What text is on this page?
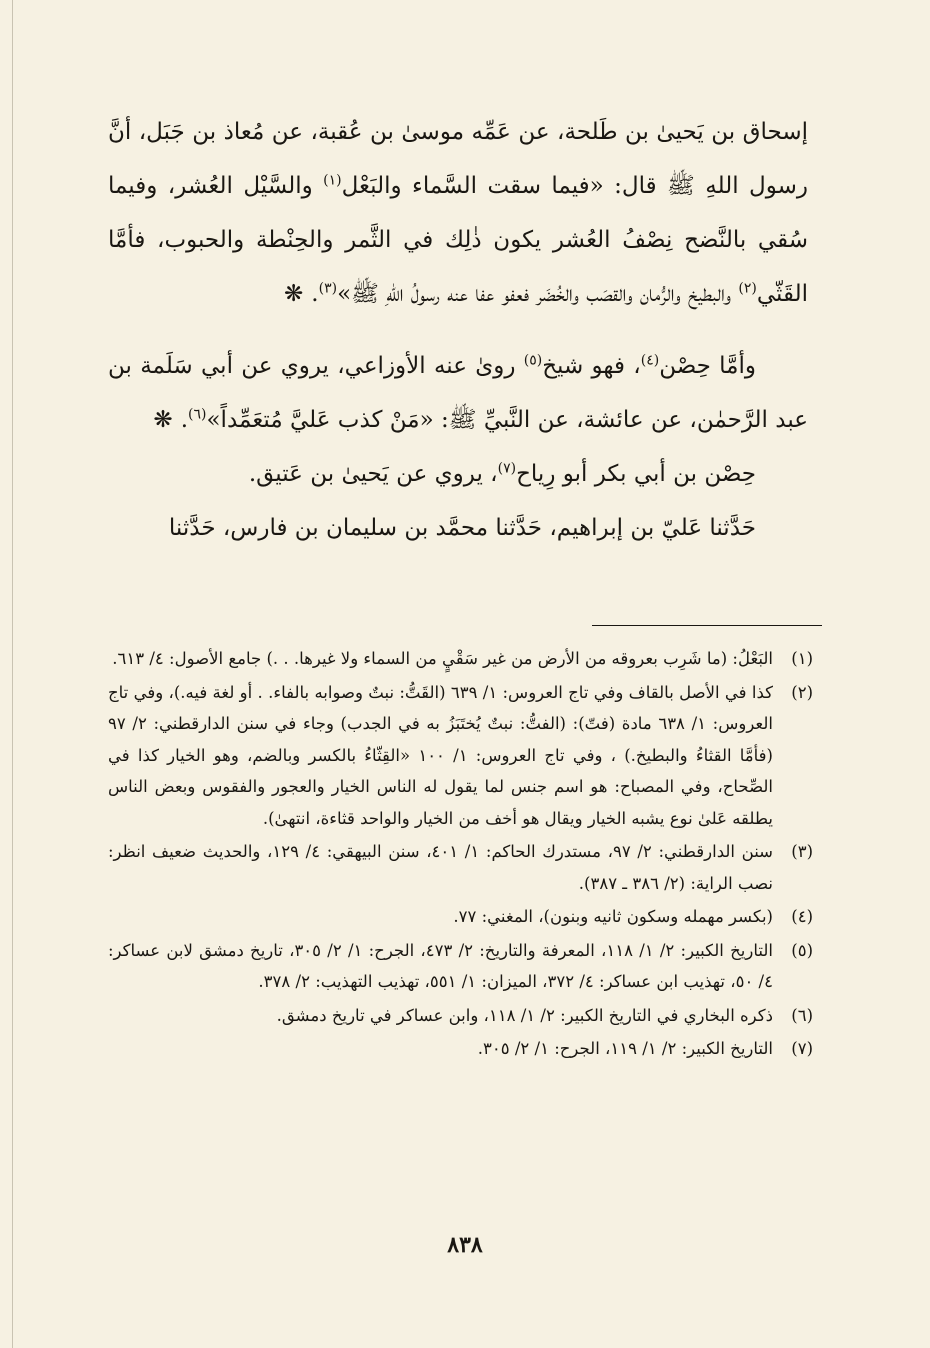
إسحاق بن يَحيىٰ بن طَلحة، عن عَمِّه موسىٰ بن عُقبة، عن مُعاذ بن جَبَل، أنَّ رسول اللهِ ﷺ قال: «فيما سقت السَّماء والبَعْل$^{(١)}$ والسَّيْل العُشر، وفيما سُقي بالنَّضح نِصْفُ العُشر يكون ذٰلِك في الثَّمر والحِنْطة والحبوب، فأمَّا القَثّي$^{(٢)}$ والبطيخ والرُّمان والقصَب والخُضَر فعفو عفا عنه رسولُ اللهِ ﷺ»$^{(٣)}$.❋

وأمَّا حِصْن$^{(٤)}$، فهو شيخ$^{(٥)}$ رویٰ عنه الأوزاعي، يروي عن أبي سَلَمة بن عبد الرَّحمٰن، عن عائشة، عن النَّبيِّ ﷺ: «مَنْ كذب عَليَّ مُتعَمِّداً»$^{(٦)}$.❋

حِصْن بن أبي بكر أبو رِياح$^{(٧)}$، يروي عن يَحيىٰ بن عَتيق.

حَدَّثنا عَليّ بن إبراهيم، حَدَّثنا محمَّد بن سليمان بن فارس، حَدَّثنا

(١)
البَعْلُ: (ما شَرِب بعروقه من الأرض من غير سَقْيٍ من السماء ولا غيرها. . .) جامع الأصول: ٤/ ٦١٣.
(٢)
كذا في الأصل بالقاف وفي تاج العروس: ١/ ٦٣٩ (القَتُّ: نبتٌ وصوابه بالفاء. . أو لغة فيه.)، وفي تاج العروس: ١/ ٦٣٨ مادة (فتّ): (الفتُّ: نبتٌ يُختَبَزُ به في الجدب) وجاء في سنن الدارقطني: ٢/ ٩٧ (فأمَّا القثاءُ والبطيخ.) ، وفي تاج العروس: ١/ ١٠٠ «القِثّاءُ بالكسر وبالضم، وهو الخيار كذا في الصِّحاح، وفي المصباح: هو اسم جنس لما يقول له الناس الخيار والعجور والفقوس وبعض الناس يطلقه عَلىٰ نوع يشبه الخيار ويقال هو أخف من الخيار والواحد قثاءة، انتهىٰ).
(٣)
سنن الدارقطني: ٢/ ٩٧، مستدرك الحاكم: ١/ ٤٠١، سنن البيهقي: ٤/ ١٢٩، والحديث ضعيف انظر: نصب الراية: (٢/ ٣٨٦ ـ ٣٨٧).
(٤)
(بكسر مهمله وسكون ثانيه وبنون)، المغني: ٧٧.
(٥)
التاريخ الكبير: ٢/ ١/ ١١٨، المعرفة والتاريخ: ٢/ ٤٧٣، الجرح: ١/ ٢/ ٣٠٥، تاريخ دمشق لابن عساكر: ٤/ ٥٠، تهذيب ابن عساكر: ٤/ ٣٧٢، الميزان: ١/ ٥٥١، تهذيب التهذيب: ٢/ ٣٧٨.
(٦)
ذكره البخاري في التاريخ الكبير: ٢/ ١/ ١١٨، وابن عساكر في تاريخ دمشق.
(٧)
التاريخ الكبير: ٢/ ١/ ١١٩، الجرح: ١/ ٢/ ٣٠٥.
٨٣٨
